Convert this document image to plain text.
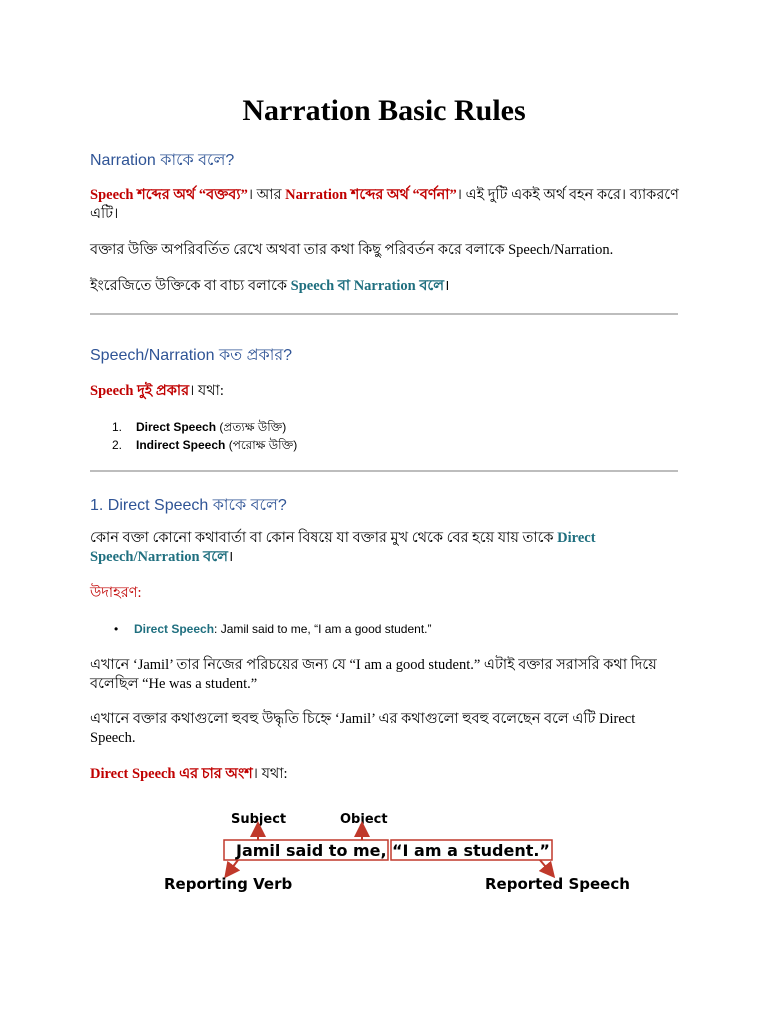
Narration Basic Rules
Narration কাকে বলে?
Speech শব্দের অর্থ “বক্তব্য”। আর Narration শব্দের অর্থ “বর্ণনা”। এই দুটি একই অর্থ বহন করে। ব্যাকরণে এটি।
বক্তার উক্তি অপরিবর্তিত রেখে অথবা তার কথা কিছু পরিবর্তন করে বলাকে Speech/Narration.
ইংরেজিতে উক্তিকে বা বাচ্য বলাকে Speech বা Narration বলে।
Speech/Narration কত প্রকার?
Speech দুই প্রকার। যথা:
1. Direct Speech (প্রত্যক্ষ উক্তি)
2. Indirect Speech (পরোক্ষ উক্তি)
1. Direct Speech কাকে বলে?
কোন বক্তা কোনো কথাবার্তা বা কোন বিষয়ে যা বক্তার মুখ থেকে বের হয়ে যায় তাকে Direct Speech/Narration বলে।
উদাহরণ:
• Direct Speech: Jamil said to me, “I am a good student.”
এখানে ‘Jamil’ তার নিজের পরিচয়ের জন্য যে “I am a good student.” এটাই বক্তার সরাসরি কথা দিয়ে বলেছিল “He was a student.”
এখানে বক্তার কথাগুলো হুবহু উদ্ধৃতি চিহ্নে ‘Jamil’ এর কথাগুলো হুবহু বলেছেন বলে এটি Direct Speech.
Direct Speech এর চার অংশ। যথা:
Subject	Object
Jamil said to me, “I am a student.”
Reporting Verb	Reported Speech
